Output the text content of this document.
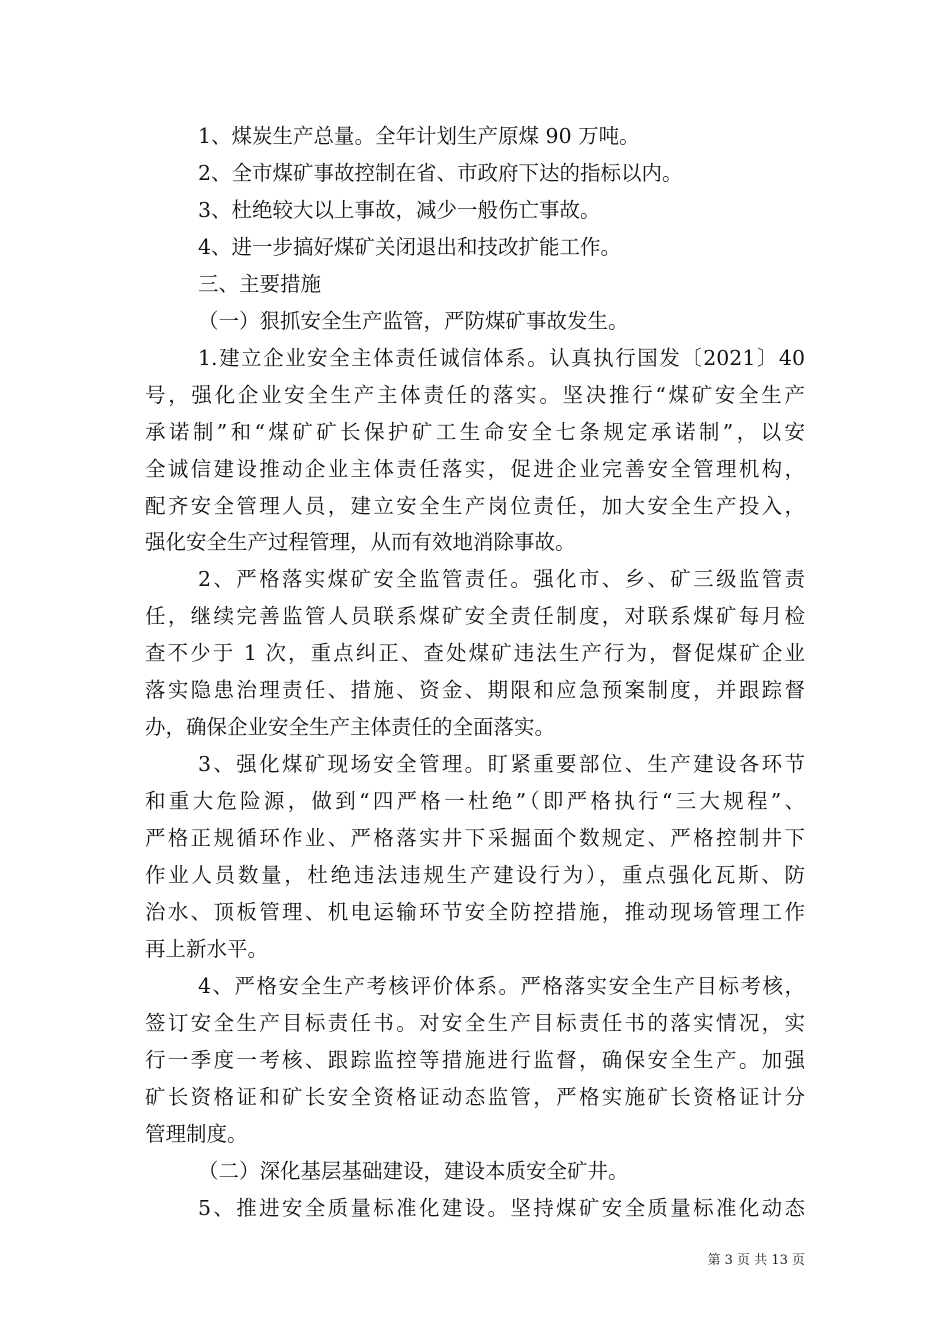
1、煤炭生产总量。全年计划生产原煤 90 万吨。
2、全市煤矿事故控制在省、市政府下达的指标以内。
3、杜绝较大以上事故，减少一般伤亡事故。
4、进一步搞好煤矿关闭退出和技改扩能工作。
三、主要措施
（一）狠抓安全生产监管，严防煤矿事故发生。
1.建立企业安全主体责任诚信体系。认真执行国发〔2021〕40
号，强化企业安全生产主体责任的落实。坚决推行“煤矿安全生产
承诺制”和“煤矿矿长保护矿工生命安全七条规定承诺制”，以安
全诚信建设推动企业主体责任落实，促进企业完善安全管理机构，
配齐安全管理人员，建立安全生产岗位责任，加大安全生产投入，
强化安全生产过程管理，从而有效地消除事故。
2、严格落实煤矿安全监管责任。强化市、乡、矿三级监管责
任，继续完善监管人员联系煤矿安全责任制度，对联系煤矿每月检
查不少于 1 次，重点纠正、查处煤矿违法生产行为，督促煤矿企业
落实隐患治理责任、措施、资金、期限和应急预案制度，并跟踪督
办，确保企业安全生产主体责任的全面落实。
3、强化煤矿现场安全管理。盯紧重要部位、生产建设各环节
和重大危险源，做到“四严格一杜绝”（即严格执行“三大规程”、
严格正规循环作业、严格落实井下采掘面个数规定、严格控制井下
作业人员数量，杜绝违法违规生产建设行为），重点强化瓦斯、防
治水、顶板管理、机电运输环节安全防控措施，推动现场管理工作
再上新水平。
4、严格安全生产考核评价体系。严格落实安全生产目标考核，
签订安全生产目标责任书。对安全生产目标责任书的落实情况，实
行一季度一考核、跟踪监控等措施进行监督，确保安全生产。加强
矿长资格证和矿长安全资格证动态监管，严格实施矿长资格证计分
管理制度。
（二）深化基层基础建设，建设本质安全矿井。
5、推进安全质量标准化建设。坚持煤矿安全质量标准化动态
第 3 页 共 13 页
